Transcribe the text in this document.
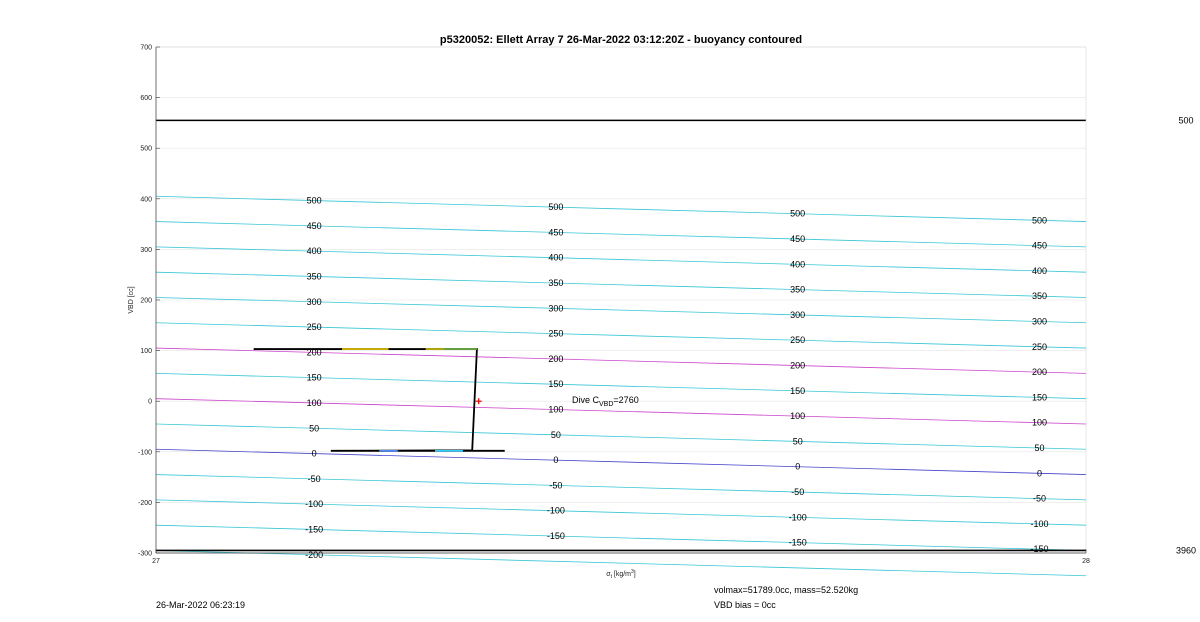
p5320052: Ellett Array 7 26-Mar-2022 03:12:20Z - buoyancy contoured
500
500
500
500
450
450
450
450
400
400
400
400
350
350
350
350
300
300
300
300
250
250
250
250
200
200
200
200
150
150
150
150
100
100
100
100
50
50
50
50
0
0
0
0
-50
-50
-50
-50
-100
-100
-100
-100
-150
-150
-150
-150
-200
500
3960
700
600
500
400
300
200
100
0
-100
-200
-300
27	28
$\sigma_t$ $[kg/m^3]$
VBD [cc]
Dive $C_{VBD}=2760$
26-Mar-2022 06:23:19
volmax=51789.0cc, mass=52.520kg
VBD bias = 0cc
